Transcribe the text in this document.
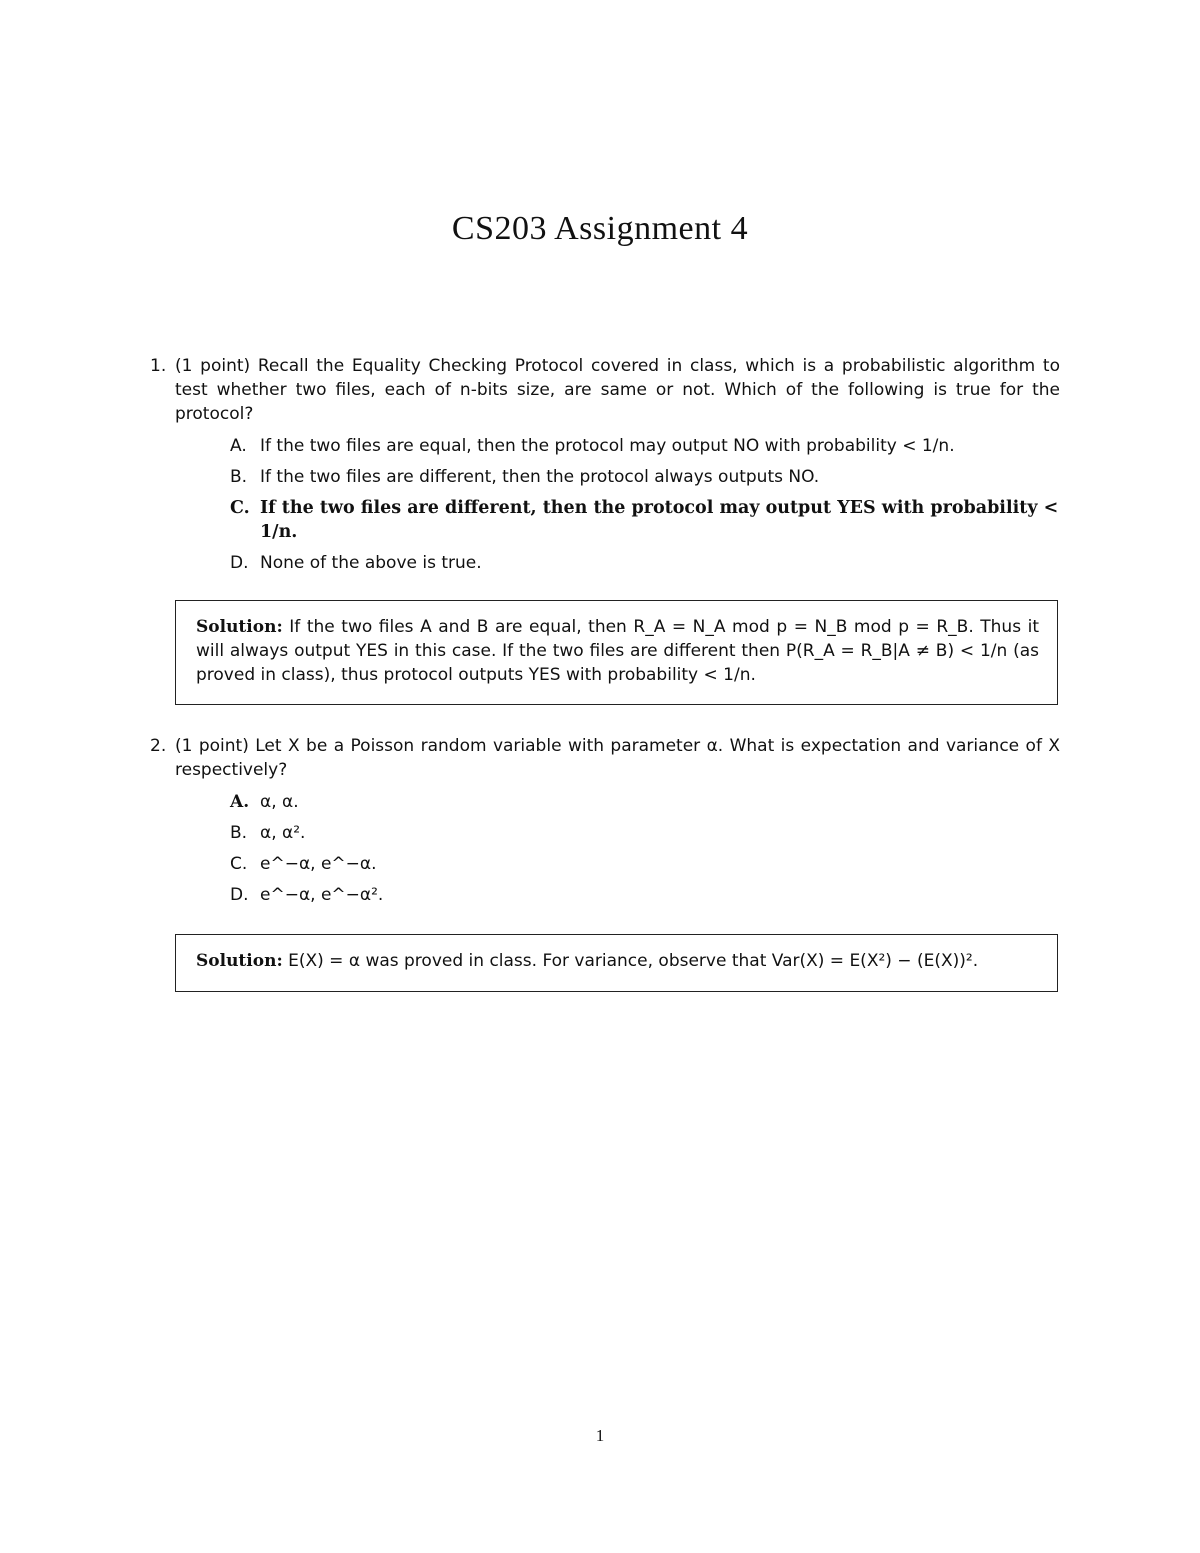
CS203 Assignment 4
1. (1 point) Recall the Equality Checking Protocol covered in class, which is a probabilistic algorithm to test whether two files, each of n-bits size, are same or not. Which of the following is true for the protocol?
A. If the two files are equal, then the protocol may output NO with probability < 1/n.
B. If the two files are different, then the protocol always outputs NO.
C. If the two files are different, then the protocol may output YES with probability < 1/n.
D. None of the above is true.
Solution: If the two files A and B are equal, then R_A = N_A mod p = N_B mod p = R_B. Thus it will always output YES in this case. If the two files are different then P(R_A = R_B|A ≠ B) < 1/n (as proved in class), thus protocol outputs YES with probability < 1/n.
2. (1 point) Let X be a Poisson random variable with parameter α. What is expectation and variance of X respectively?
A. α, α.
B. α, α².
C. e^−α, e^−α.
D. e^−α, e^−α².
Solution: E(X) = α was proved in class. For variance, observe that Var(X) = E(X²) − (E(X))².
1
